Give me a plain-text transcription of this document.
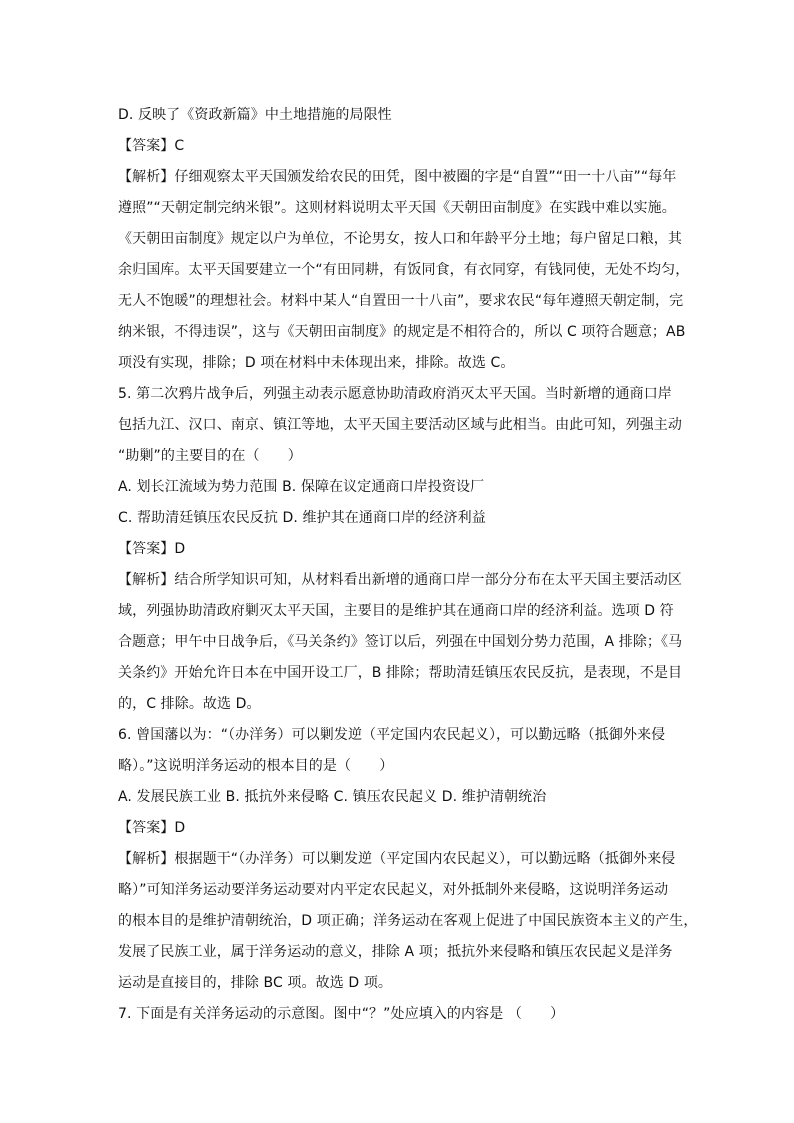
D. 反映了《资政新篇》中土地措施的局限性
【答案】C
【解析】仔细观察太平天国颁发给农民的田凭，图中被圈的字是“自置”“田一十八亩”“每年
遵照”“天朝定制完纳米银”。这则材料说明太平天国《天朝田亩制度》在实践中难以实施。
《天朝田亩制度》规定以户为单位，不论男女，按人口和年龄平分土地；每户留足口粮，其
余归国库。太平天国要建立一个“有田同耕，有饭同食，有衣同穿，有钱同使，无处不均匀，
无人不饱暖”的理想社会。材料中某人“自置田一十八亩”，要求农民“每年遵照天朝定制，完
纳米银，不得违误”，这与《天朝田亩制度》的规定是不相符合的，所以 C 项符合题意；AB
项没有实现，排除；D 项在材料中未体现出来，排除。故选 C。
5. 第二次鸦片战争后，列强主动表示愿意协助清政府消灭太平天国。当时新增的通商口岸
包括九江、汉口、南京、镇江等地，太平天国主要活动区域与此相当。由此可知，列强主动
“助剿”的主要目的在（　　）
A. 划长江流域为势力范围 B. 保障在议定通商口岸投资设厂
C. 帮助清廷镇压农民反抗 D. 维护其在通商口岸的经济利益
【答案】D
【解析】结合所学知识可知，从材料看出新增的通商口岸一部分分布在太平天国主要活动区
域，列强协助清政府剿灭太平天国，主要目的是维护其在通商口岸的经济利益。选项 D 符
合题意；甲午中日战争后，《马关条约》签订以后，列强在中国划分势力范围，A 排除；《马
关条约》开始允许日本在中国开设工厂，B 排除；帮助清廷镇压农民反抗，是表现，不是目
的，C 排除。故选 D。
6. 曾国藩以为：“（办洋务）可以剿发逆（平定国内农民起义），可以勤远略（抵御外来侵
略）。”这说明洋务运动的根本目的是（　　）
A. 发展民族工业 B. 抵抗外来侵略 C. 镇压农民起义 D. 维护清朝统治
【答案】D
【解析】根据题干“（办洋务）可以剿发逆（平定国内农民起义），可以勤远略（抵御外来侵
略）”可知洋务运动要洋务运动要对内平定农民起义，对外抵制外来侵略，这说明洋务运动
的根本目的是维护清朝统治，D 项正确；洋务运动在客观上促进了中国民族资本主义的产生，
发展了民族工业，属于洋务运动的意义，排除 A 项；抵抗外来侵略和镇压农民起义是洋务
运动是直接目的，排除 BC 项。故选 D 项。
7. 下面是有关洋务运动的示意图。图中“？”处应填入的内容是 （　　）
